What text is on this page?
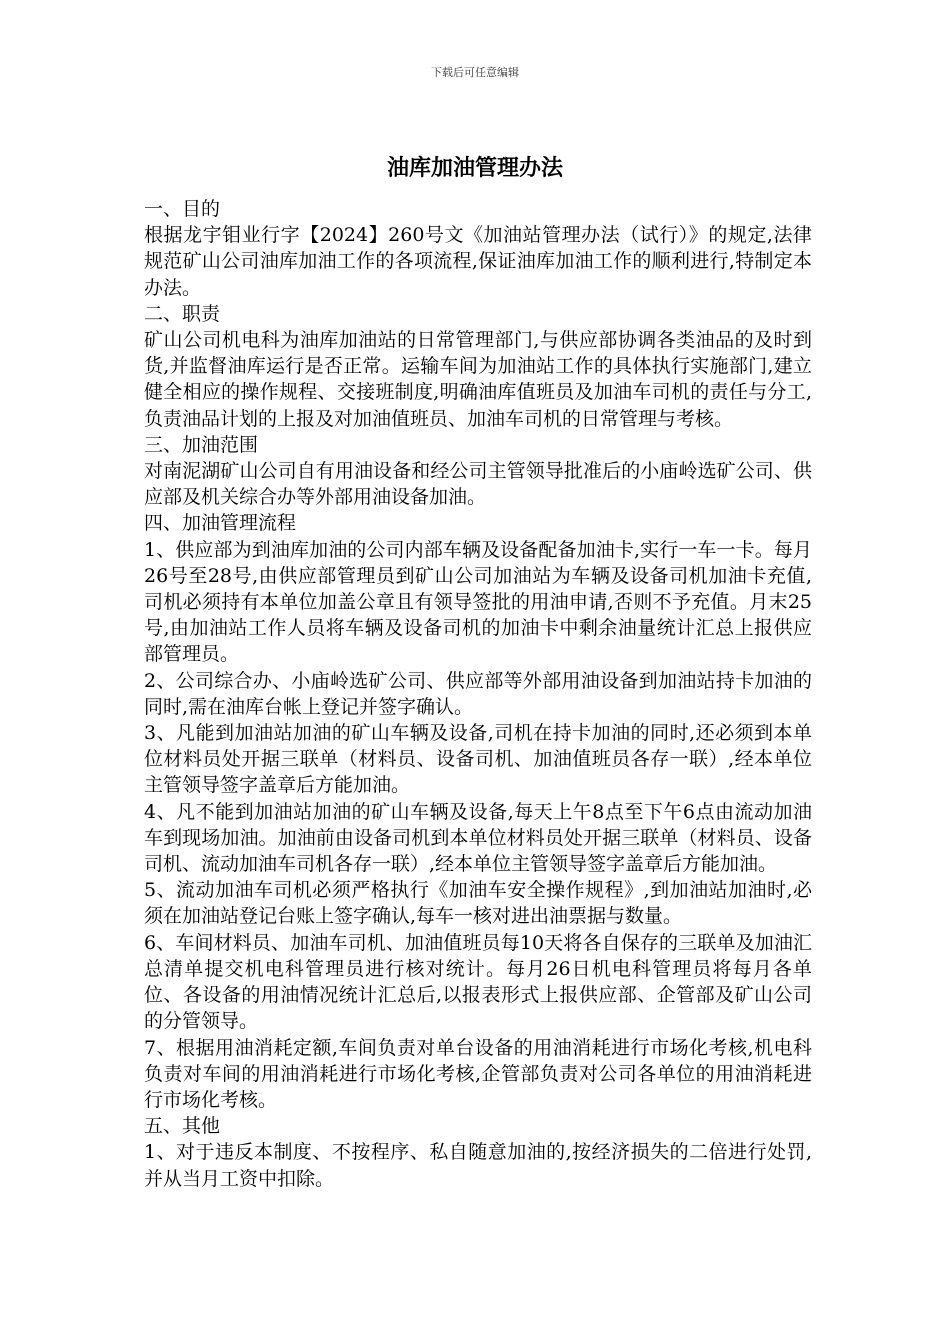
下载后可任意编辑
油库加油管理办法

一、目的

根据龙宇钼业行字【2024】260号文《加油站管理办法（试行）》的规定,法律规范矿山公司油库加油工作的各项流程,保证油库加油工作的顺利进行,特制定本办法。

二、职责

矿山公司机电科为油库加油站的日常管理部门,与供应部协调各类油品的及时到货,并监督油库运行是否正常。运输车间为加油站工作的具体执行实施部门,建立健全相应的操作规程、交接班制度,明确油库值班员及加油车司机的责任与分工,负责油品计划的上报及对加油值班员、加油车司机的日常管理与考核。

三、加油范围

对南泥湖矿山公司自有用油设备和经公司主管领导批准后的小庙岭选矿公司、供应部及机关综合办等外部用油设备加油。

四、加油管理流程

1、供应部为到油库加油的公司内部车辆及设备配备加油卡,实行一车一卡。每月26号至28号,由供应部管理员到矿山公司加油站为车辆及设备司机加油卡充值,司机必须持有本单位加盖公章且有领导签批的用油申请,否则不予充值。月末25号,由加油站工作人员将车辆及设备司机的加油卡中剩余油量统计汇总上报供应部管理员。

2、公司综合办、小庙岭选矿公司、供应部等外部用油设备到加油站持卡加油的同时,需在油库台帐上登记并签字确认。

3、凡能到加油站加油的矿山车辆及设备,司机在持卡加油的同时,还必须到本单位材料员处开据三联单（材料员、设备司机、加油值班员各存一联）,经本单位主管领导签字盖章后方能加油。

4、凡不能到加油站加油的矿山车辆及设备,每天上午8点至下午6点由流动加油车到现场加油。加油前由设备司机到本单位材料员处开据三联单（材料员、设备司机、流动加油车司机各存一联）,经本单位主管领导签字盖章后方能加油。

5、流动加油车司机必须严格执行《加油车安全操作规程》,到加油站加油时,必须在加油站登记台账上签字确认,每车一核对进出油票据与数量。

6、车间材料员、加油车司机、加油值班员每10天将各自保存的三联单及加油汇总清单提交机电科管理员进行核对统计。每月26日机电科管理员将每月各单位、各设备的用油情况统计汇总后,以报表形式上报供应部、企管部及矿山公司的分管领导。

7、根据用油消耗定额,车间负责对单台设备的用油消耗进行市场化考核,机电科负责对车间的用油消耗进行市场化考核,企管部负责对公司各单位的用油消耗进行市场化考核。

五、其他

1、对于违反本制度、不按程序、私自随意加油的,按经济损失的二倍进行处罚,并从当月工资中扣除。
